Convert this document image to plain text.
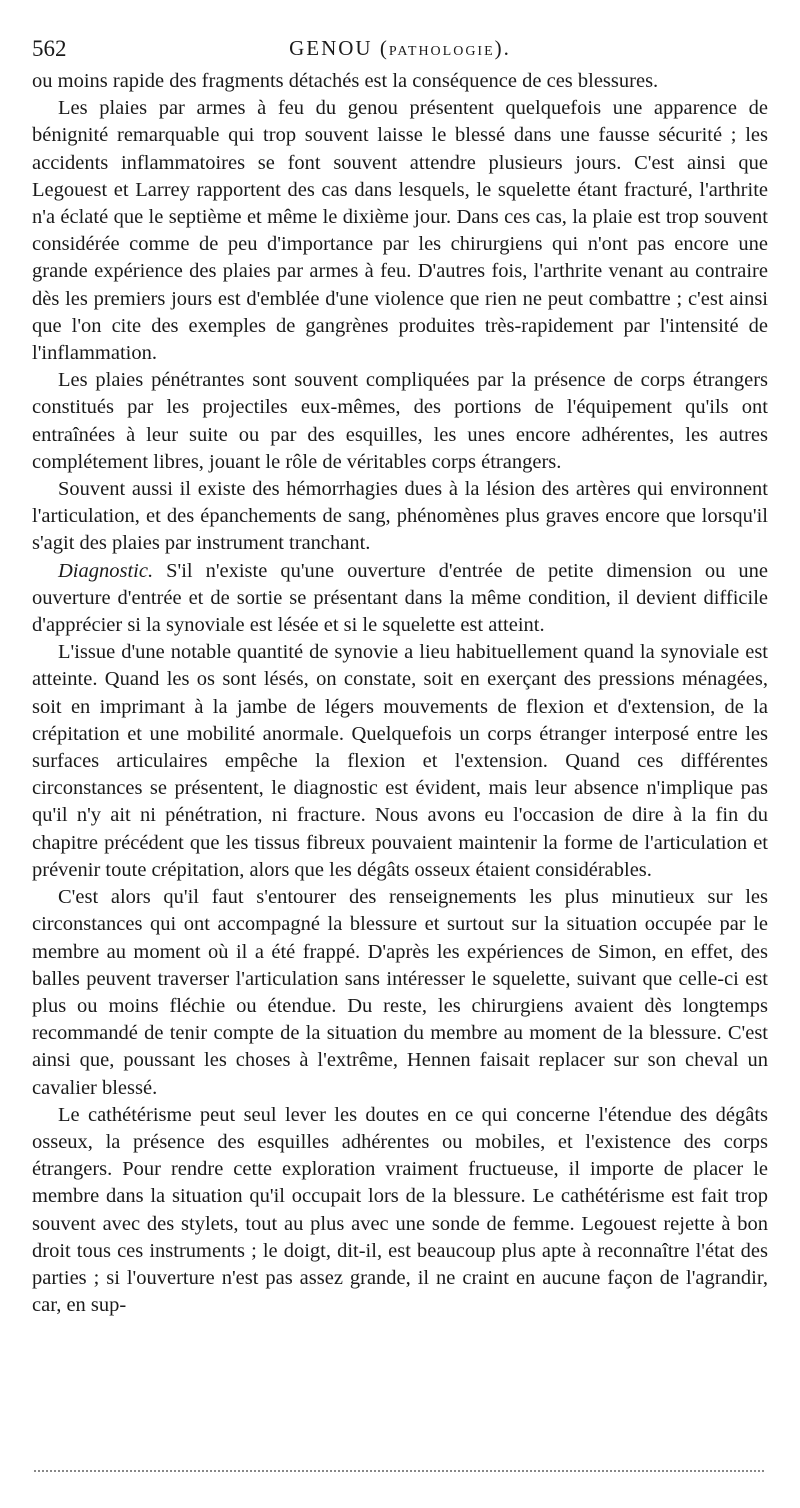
562	GENOU (PATHOLOGIE).

ou moins rapide des fragments détachés est la conséquence de ces blessures.

Les plaies par armes à feu du genou présentent quelquefois une apparence de bénignité remarquable qui trop souvent laisse le blessé dans une fausse sécurité ; les accidents inflammatoires se font souvent attendre plusieurs jours. C'est ainsi que Legouest et Larrey rapportent des cas dans lesquels, le squelette étant fracturé, l'arthrite n'a éclaté que le septième et même le dixième jour. Dans ces cas, la plaie est trop souvent considérée comme de peu d'importance par les chirurgiens qui n'ont pas encore une grande expérience des plaies par armes à feu. D'autres fois, l'arthrite venant au contraire dès les premiers jours est d'emblée d'une violence que rien ne peut combattre ; c'est ainsi que l'on cite des exemples de gangrènes produites très-rapidement par l'intensité de l'inflammation.

Les plaies pénétrantes sont souvent compliquées par la présence de corps étrangers constitués par les projectiles eux-mêmes, des portions de l'équipement qu'ils ont entraînées à leur suite ou par des esquilles, les unes encore adhérentes, les autres complétement libres, jouant le rôle de véritables corps étrangers.

Souvent aussi il existe des hémorrhagies dues à la lésion des artères qui environnent l'articulation, et des épanchements de sang, phénomènes plus graves encore que lorsqu'il s'agit des plaies par instrument tranchant.

Diagnostic. S'il n'existe qu'une ouverture d'entrée de petite dimension ou une ouverture d'entrée et de sortie se présentant dans la même condition, il devient difficile d'apprécier si la synoviale est lésée et si le squelette est atteint.

L'issue d'une notable quantité de synovie a lieu habituellement quand la synoviale est atteinte. Quand les os sont lésés, on constate, soit en exerçant des pressions ménagées, soit en imprimant à la jambe de légers mouvements de flexion et d'extension, de la crépitation et une mobilité anormale. Quelquefois un corps étranger interposé entre les surfaces articulaires empêche la flexion et l'extension. Quand ces différentes circonstances se présentent, le diagnostic est évident, mais leur absence n'implique pas qu'il n'y ait ni pénétration, ni fracture. Nous avons eu l'occasion de dire à la fin du chapitre précédent que les tissus fibreux pouvaient maintenir la forme de l'articulation et prévenir toute crépitation, alors que les dégâts osseux étaient considérables.

C'est alors qu'il faut s'entourer des renseignements les plus minutieux sur les circonstances qui ont accompagné la blessure et surtout sur la situation occupée par le membre au moment où il a été frappé. D'après les expériences de Simon, en effet, des balles peuvent traverser l'articulation sans intéresser le squelette, suivant que celle-ci est plus ou moins fléchie ou étendue. Du reste, les chirurgiens avaient dès longtemps recommandé de tenir compte de la situation du membre au moment de la blessure. C'est ainsi que, poussant les choses à l'extrême, Hennen faisait replacer sur son cheval un cavalier blessé.

Le cathétérisme peut seul lever les doutes en ce qui concerne l'étendue des dégâts osseux, la présence des esquilles adhérentes ou mobiles, et l'existence des corps étrangers. Pour rendre cette exploration vraiment fructueuse, il importe de placer le membre dans la situation qu'il occupait lors de la blessure. Le cathétérisme est fait trop souvent avec des stylets, tout au plus avec une sonde de femme. Legouest rejette à bon droit tous ces instruments ; le doigt, dit-il, est beaucoup plus apte à reconnaître l'état des parties ; si l'ouverture n'est pas assez grande, il ne craint en aucune façon de l'agrandir, car, en sup-
